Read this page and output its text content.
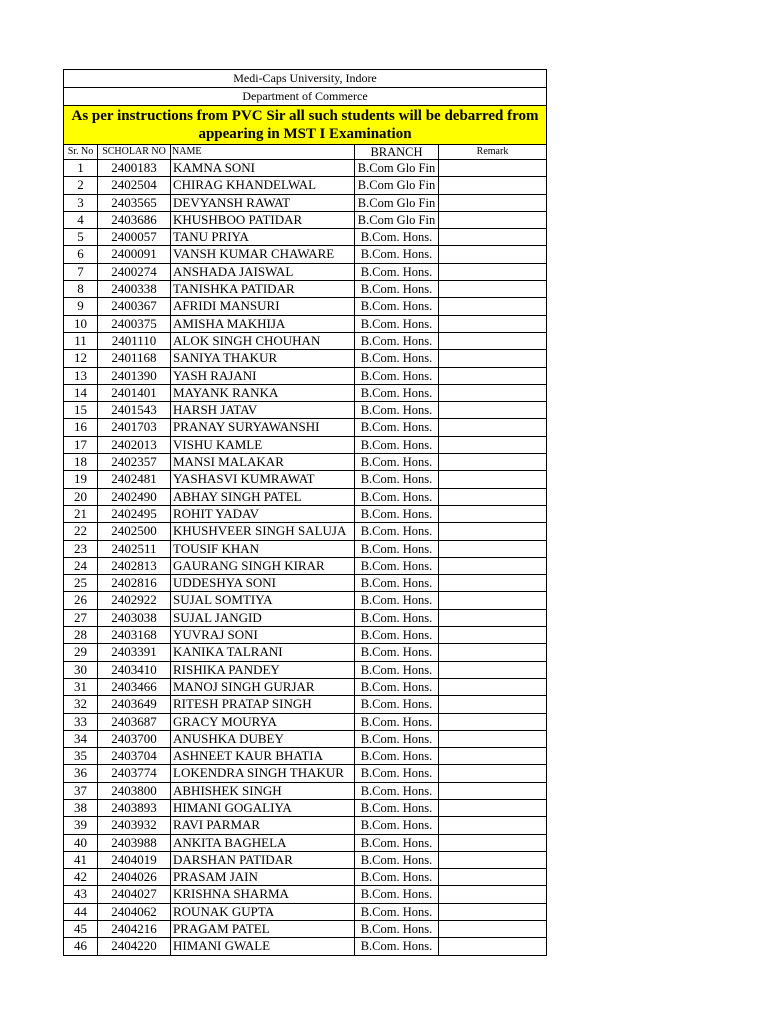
Medi-Caps University, Indore				
Department of Commerce				
As per instructions from PVC Sir all such students will be debarred from appearing in MST I Examination				
Sr. No	SCHOLAR NO	NAME	BRANCH	Remark
1	2400183	KAMNA SONI	B.Com Glo Fin	
2	2402504	CHIRAG KHANDELWAL	B.Com Glo Fin	
3	2403565	DEVYANSH RAWAT	B.Com Glo Fin	
4	2403686	KHUSHBOO PATIDAR	B.Com Glo Fin	
5	2400057	TANU PRIYA	B.Com. Hons.	
6	2400091	VANSH KUMAR CHAWARE	B.Com. Hons.	
7	2400274	ANSHADA JAISWAL	B.Com. Hons.	
8	2400338	TANISHKA PATIDAR	B.Com. Hons.	
9	2400367	AFRIDI MANSURI	B.Com. Hons.	
10	2400375	AMISHA MAKHIJA	B.Com. Hons.	
11	2401110	ALOK SINGH CHOUHAN	B.Com. Hons.	
12	2401168	SANIYA THAKUR	B.Com. Hons.	
13	2401390	YASH RAJANI	B.Com. Hons.	
14	2401401	MAYANK RANKA	B.Com. Hons.	
15	2401543	HARSH JATAV	B.Com. Hons.	
16	2401703	PRANAY SURYAWANSHI	B.Com. Hons.	
17	2402013	VISHU KAMLE	B.Com. Hons.	
18	2402357	MANSI MALAKAR	B.Com. Hons.	
19	2402481	YASHASVI KUMRAWAT	B.Com. Hons.	
20	2402490	ABHAY SINGH PATEL	B.Com. Hons.	
21	2402495	ROHIT YADAV	B.Com. Hons.	
22	2402500	KHUSHVEER SINGH SALUJA	B.Com. Hons.	
23	2402511	TOUSIF KHAN	B.Com. Hons.	
24	2402813	GAURANG SINGH KIRAR	B.Com. Hons.	
25	2402816	UDDESHYA SONI	B.Com. Hons.	
26	2402922	SUJAL SOMTIYA	B.Com. Hons.	
27	2403038	SUJAL JANGID	B.Com. Hons.	
28	2403168	YUVRAJ SONI	B.Com. Hons.	
29	2403391	KANIKA TALRANI	B.Com. Hons.	
30	2403410	RISHIKA PANDEY	B.Com. Hons.	
31	2403466	MANOJ SINGH GURJAR	B.Com. Hons.	
32	2403649	RITESH PRATAP SINGH	B.Com. Hons.	
33	2403687	GRACY MOURYA	B.Com. Hons.	
34	2403700	ANUSHKA DUBEY	B.Com. Hons.	
35	2403704	ASHNEET KAUR BHATIA	B.Com. Hons.	
36	2403774	LOKENDRA SINGH THAKUR	B.Com. Hons.	
37	2403800	ABHISHEK SINGH	B.Com. Hons.	
38	2403893	HIMANI GOGALIYA	B.Com. Hons.	
39	2403932	RAVI PARMAR	B.Com. Hons.	
40	2403988	ANKITA BAGHELA	B.Com. Hons.	
41	2404019	DARSHAN PATIDAR	B.Com. Hons.	
42	2404026	PRASAM JAIN	B.Com. Hons.	
43	2404027	KRISHNA SHARMA	B.Com. Hons.	
44	2404062	ROUNAK GUPTA	B.Com. Hons.	
45	2404216	PRAGAM PATEL	B.Com. Hons.	
46	2404220	HIMANI GWALE	B.Com. Hons.	
